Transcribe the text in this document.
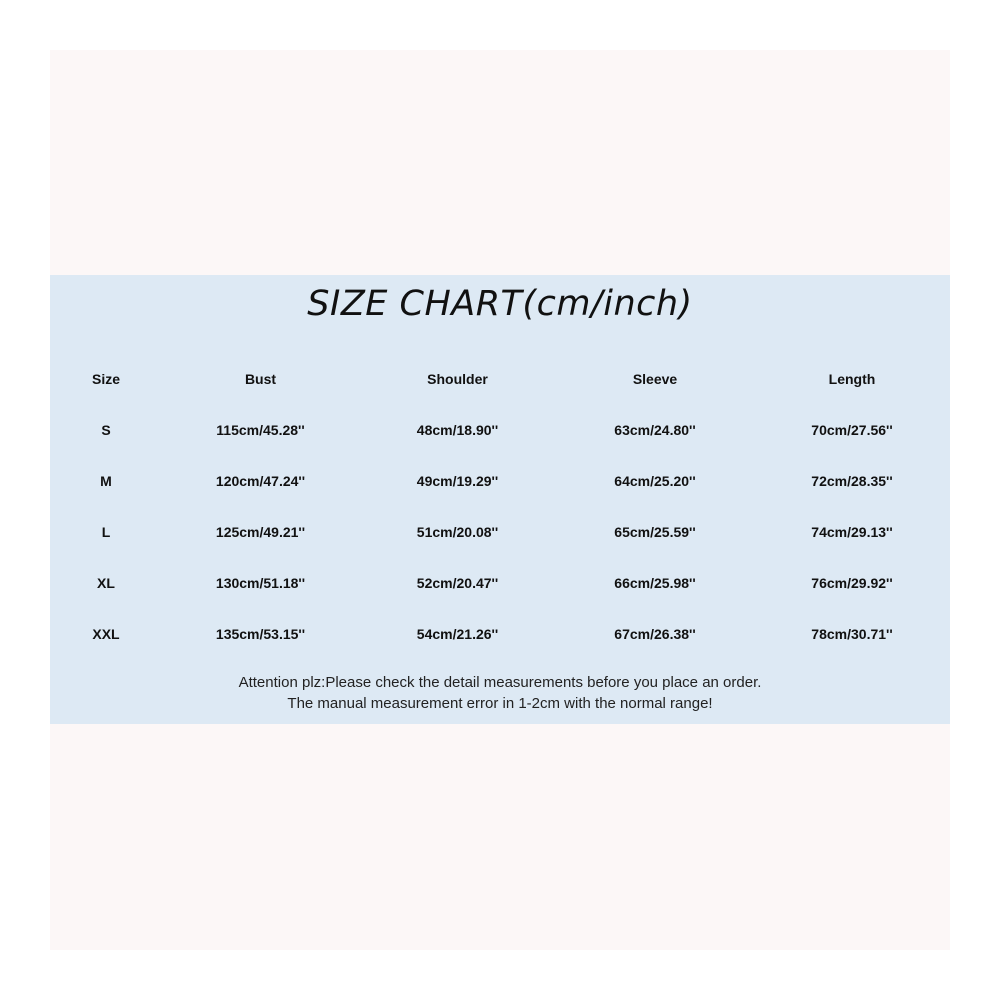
SIZE CHART(cm/inch)
Size	Bust	Shoulder	Sleeve	Length
S	115cm/45.28''	48cm/18.90''	63cm/24.80''	70cm/27.56''
M	120cm/47.24''	49cm/19.29''	64cm/25.20''	72cm/28.35''
L	125cm/49.21''	51cm/20.08''	65cm/25.59''	74cm/29.13''
XL	130cm/51.18''	52cm/20.47''	66cm/25.98''	76cm/29.92''
XXL	135cm/53.15''	54cm/21.26''	67cm/26.38''	78cm/30.71''
Attention plz:Please check the detail measurements before you place an order.
The manual measurement error in 1-2cm with the normal range!
